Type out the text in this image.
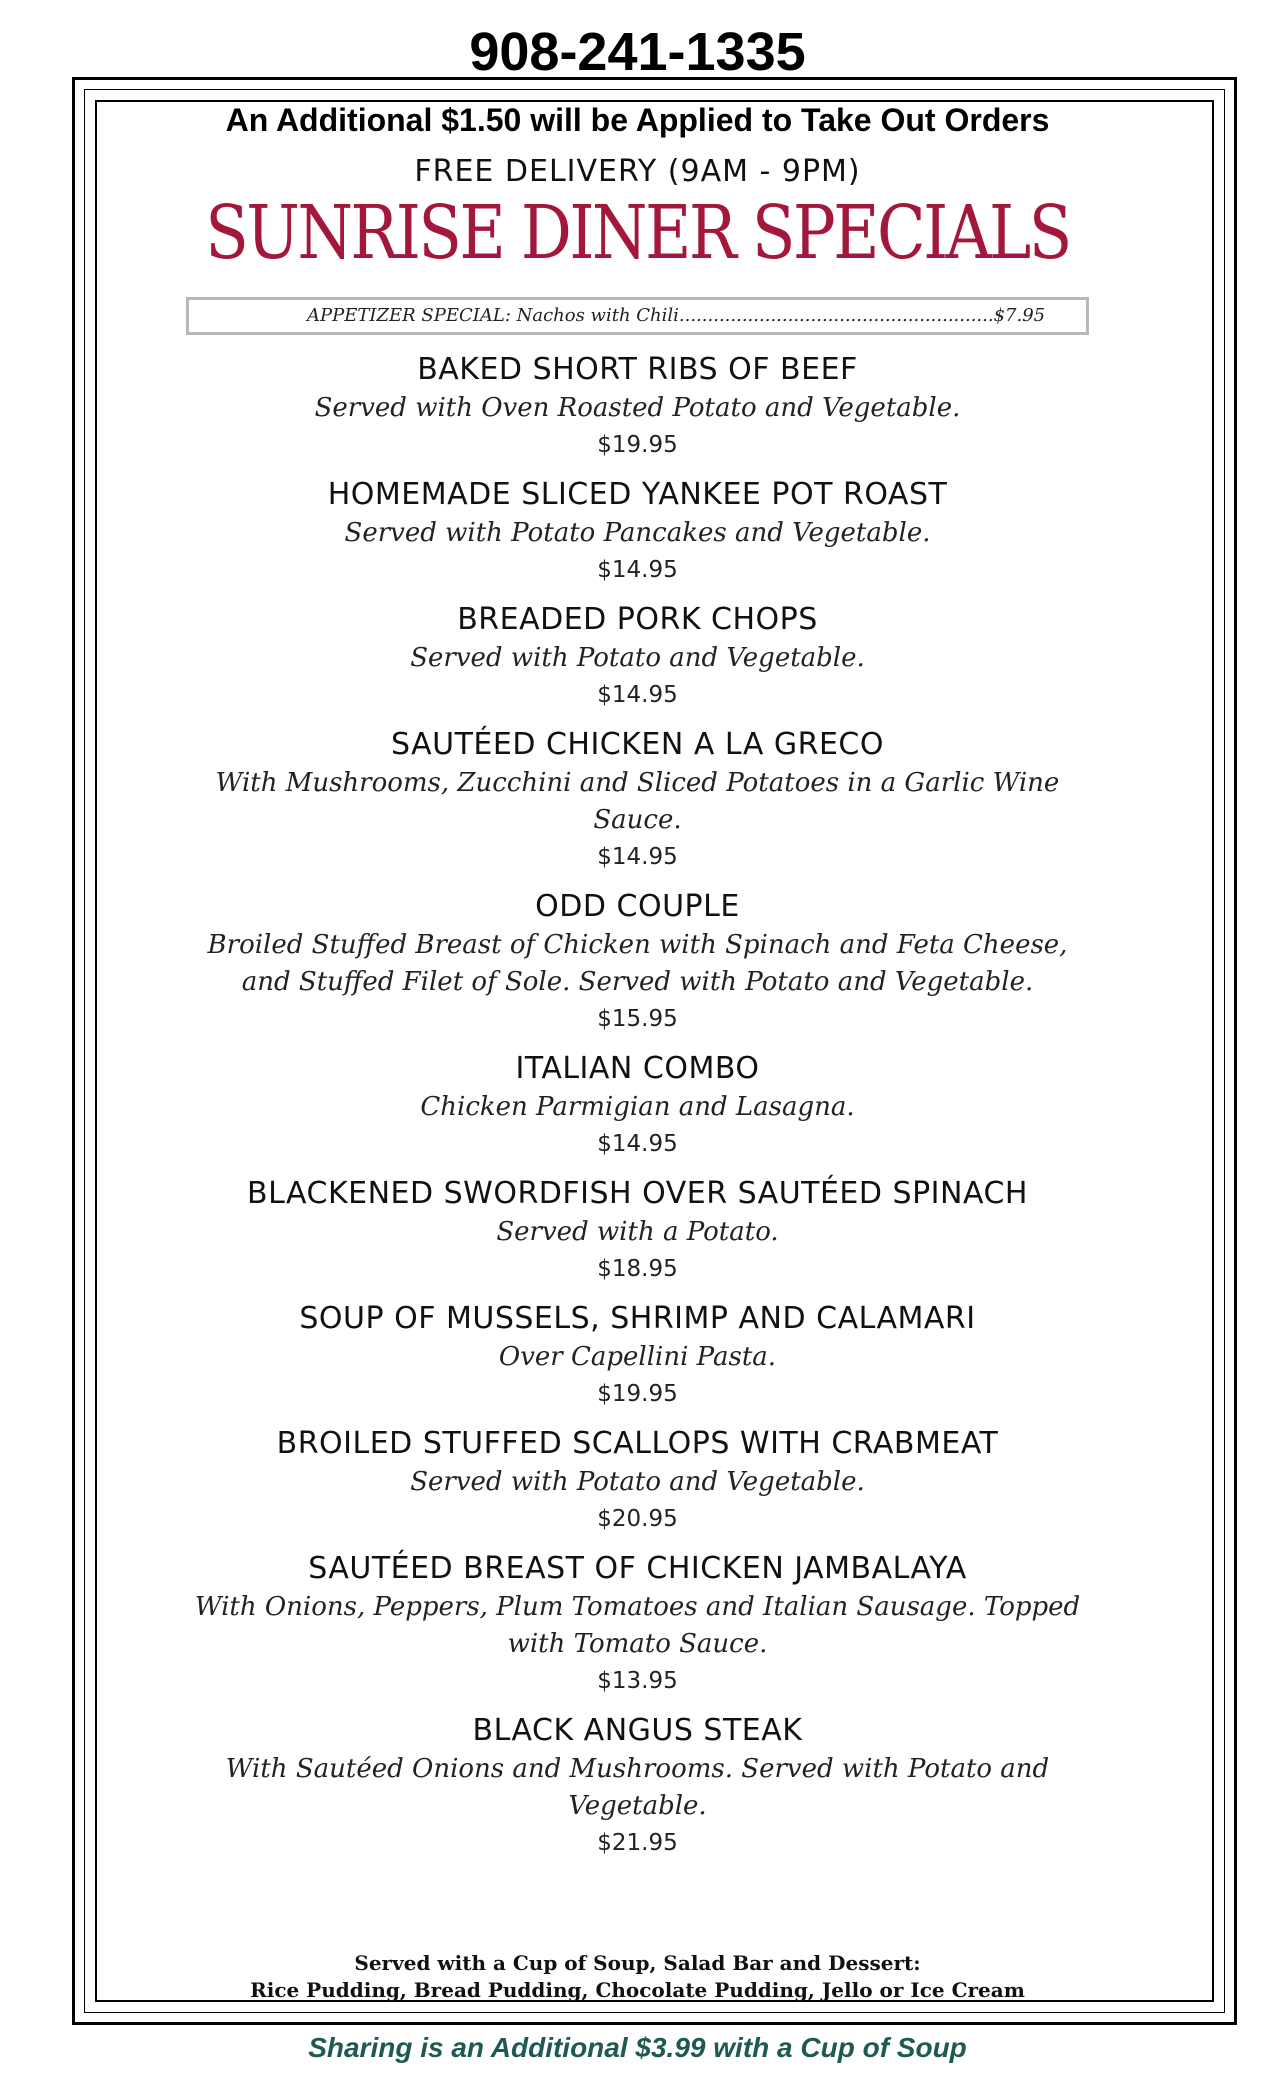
908-241-1335
An Additional $1.50 will be Applied to Take Out Orders
FREE DELIVERY (9AM - 9PM)
SUNRISE DINER SPECIALS
APPETIZER SPECIAL: Nachos with Chili.......................................................$7.95
BAKED SHORT RIBS OF BEEF
Served with Oven Roasted Potato and Vegetable.
$19.95
HOMEMADE SLICED YANKEE POT ROAST
Served with Potato Pancakes and Vegetable.
$14.95
BREADED PORK CHOPS
Served with Potato and Vegetable.
$14.95
SAUTÉED CHICKEN A LA GRECO
With Mushrooms, Zucchini and Sliced Potatoes in a Garlic Wine Sauce.
$14.95
ODD COUPLE
Broiled Stuffed Breast of Chicken with Spinach and Feta Cheese, and Stuffed Filet of Sole. Served with Potato and Vegetable.
$15.95
ITALIAN COMBO
Chicken Parmigian and Lasagna.
$14.95
BLACKENED SWORDFISH OVER SAUTÉED SPINACH
Served with a Potato.
$18.95
SOUP OF MUSSELS, SHRIMP AND CALAMARI
Over Capellini Pasta.
$19.95
BROILED STUFFED SCALLOPS WITH CRABMEAT
Served with Potato and Vegetable.
$20.95
SAUTÉED BREAST OF CHICKEN JAMBALAYA
With Onions, Peppers, Plum Tomatoes and Italian Sausage. Topped with Tomato Sauce.
$13.95
BLACK ANGUS STEAK
With Sautéed Onions and Mushrooms. Served with Potato and Vegetable.
$21.95
Served with a Cup of Soup, Salad Bar and Dessert:
Rice Pudding, Bread Pudding, Chocolate Pudding, Jello or Ice Cream
Sharing is an Additional $3.99 with a Cup of Soup
